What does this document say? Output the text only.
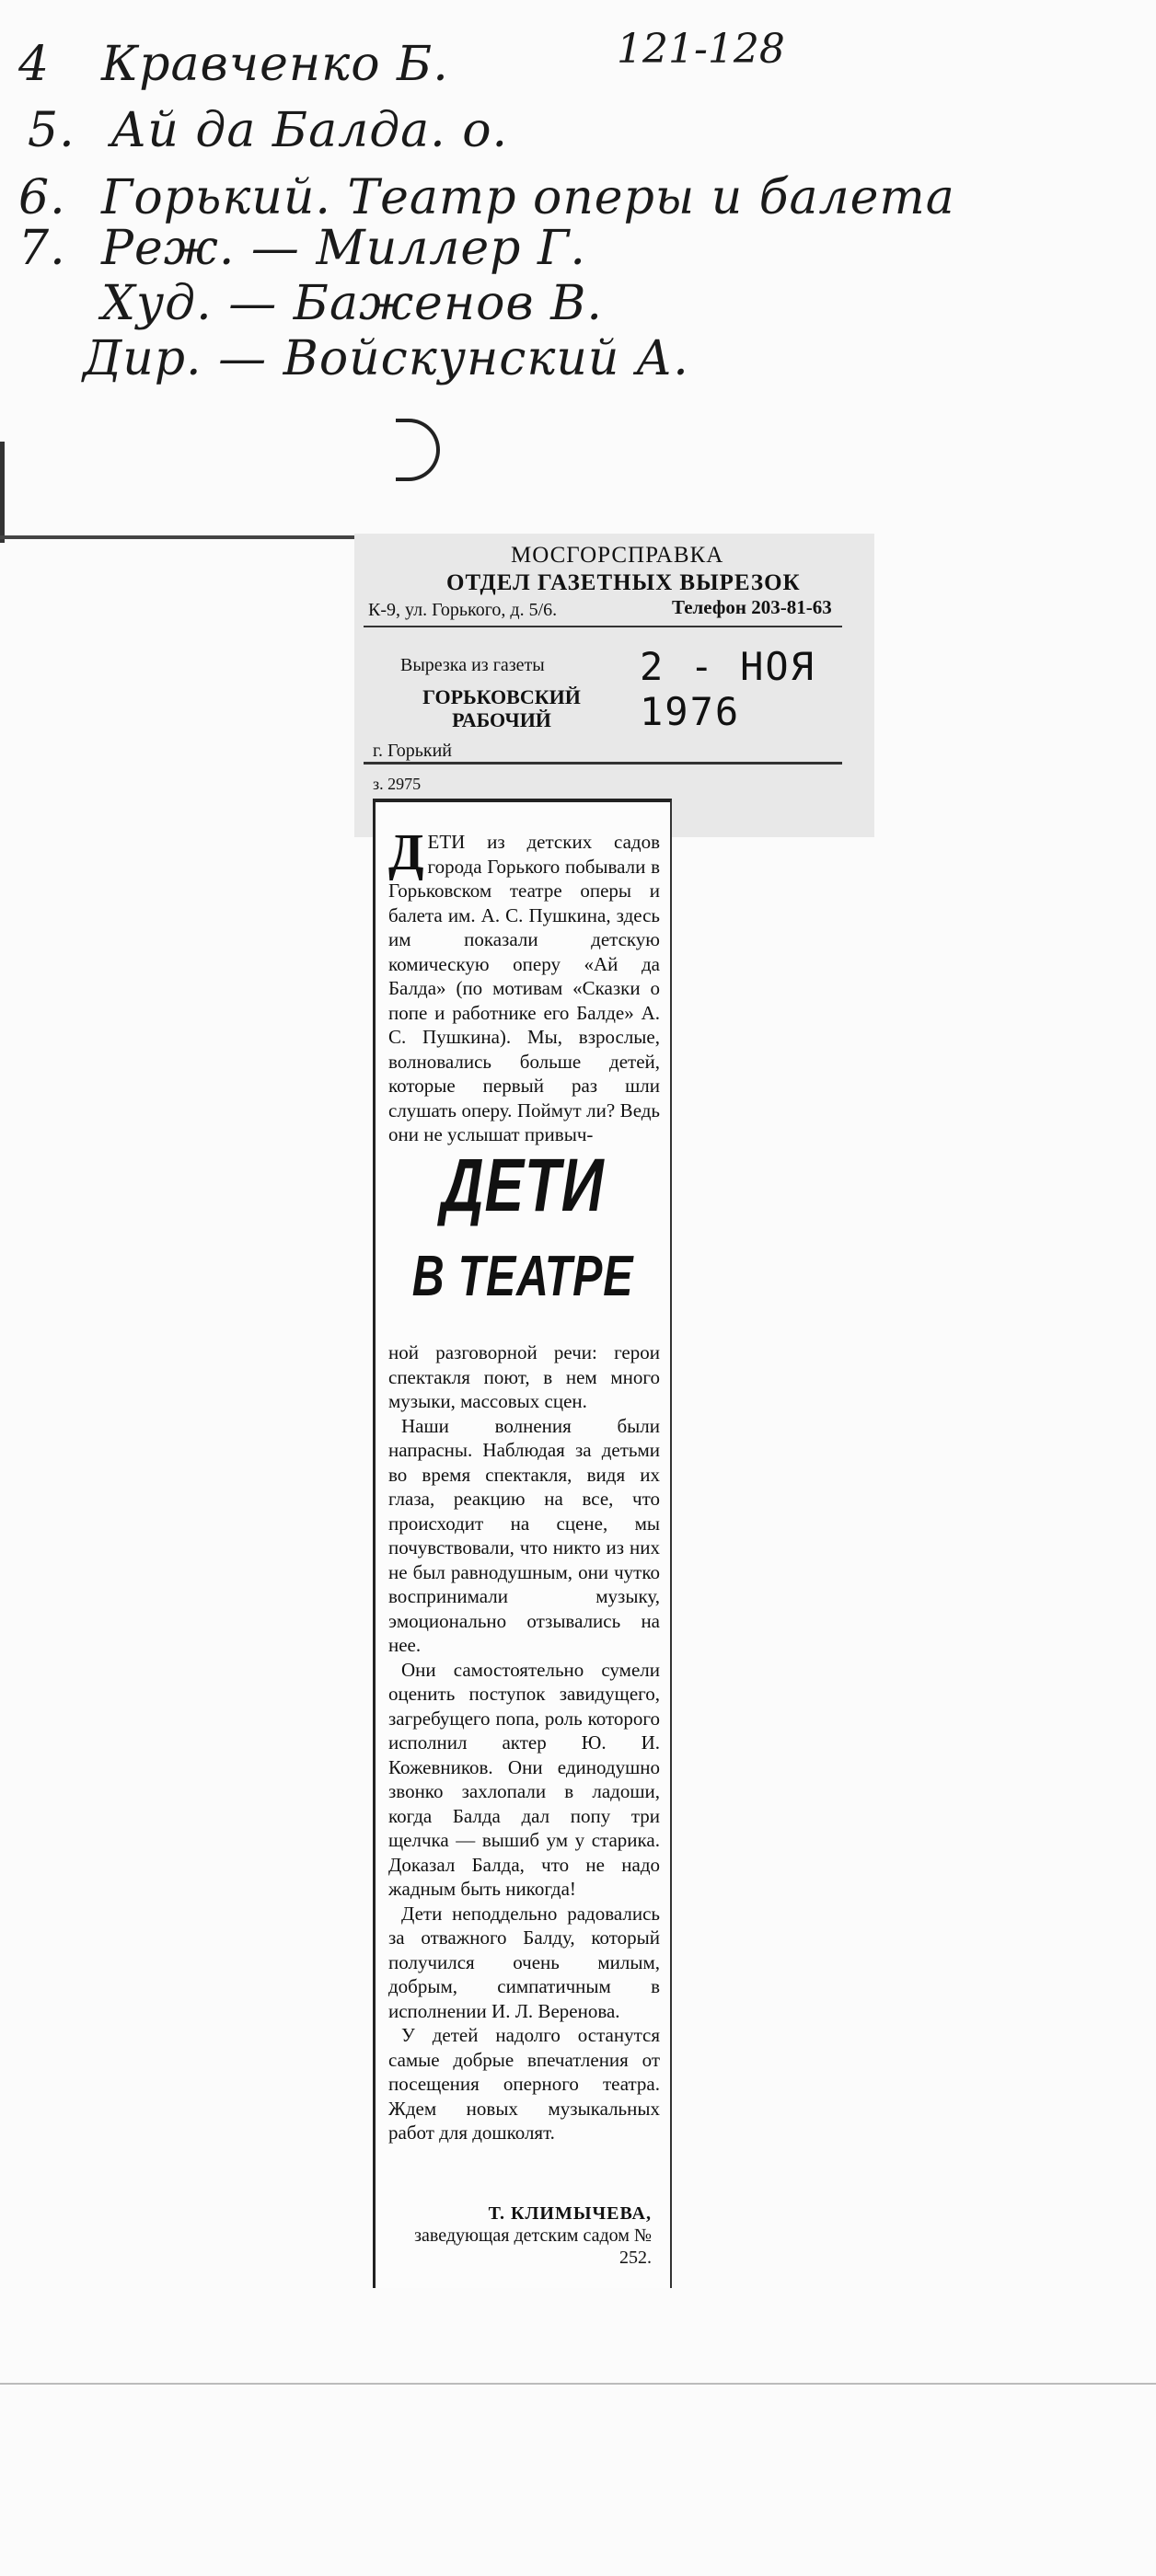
121-128
4 Кравченко Б.
5. Ай да Балда. о.
6. Горький. Театр оперы и балета
7. Реж. — Миллер Г.
Худ. — Баженов В.
Дир. — Войскунский А.
МОСГОРСПРАВКА
ОТДЕЛ ГАЗЕТНЫХ ВЫРЕЗОК
К-9, ул. Горького, д. 5/6.	Телефон 203-81-63
Вырезка из газеты 2 - НОЯ 1976
ГОРЬКОВСКИЙ РАБОЧИЙ
г. Горький
з. 2975
ДЕТИ из детских садов города Горького побывали в Горьковском театре оперы и балета им. А. С. Пушкина, здесь им показали детскую комическую оперу «Ай да Балда» (по мотивам «Сказки о попе и работнике его Балде» А. С. Пушкина). Мы, взрослые, волновались больше детей, которые первый раз шли слушать оперу. Поймут ли? Ведь они не услышат привыч-
ДЕТИ
В ТЕАТРЕ

ной разговорной речи: герои спектакля поют, в нем много музыки, массовых сцен.

Наши волнения были напрасны. Наблюдая за детьми во время спектакля, видя их глаза, реакцию на все, что происходит на сцене, мы почувствовали, что никто из них не был равнодушным, они чутко воспринимали музыку, эмоционально отзывались на нее.

Они самостоятельно сумели оценить поступок завидущего, загребущего попа, роль которого исполнил актер Ю. И. Кожевников. Они единодушно звонко захлопали в ладоши, когда Балда дал попу три щелчка — вышиб ум у старика. Доказал Балда, что не надо жадным быть никогда!

Дети неподдельно радовались за отважного Балду, который получился очень милым, добрым, симпатичным в исполнении И. Л. Веренова.

У детей надолго останутся самые добрые впечатления от посещения оперного театра. Ждем новых музыкальных работ для дошколят.

Т. КЛИМЫЧЕВА,
заведующая детским садом № 252.
